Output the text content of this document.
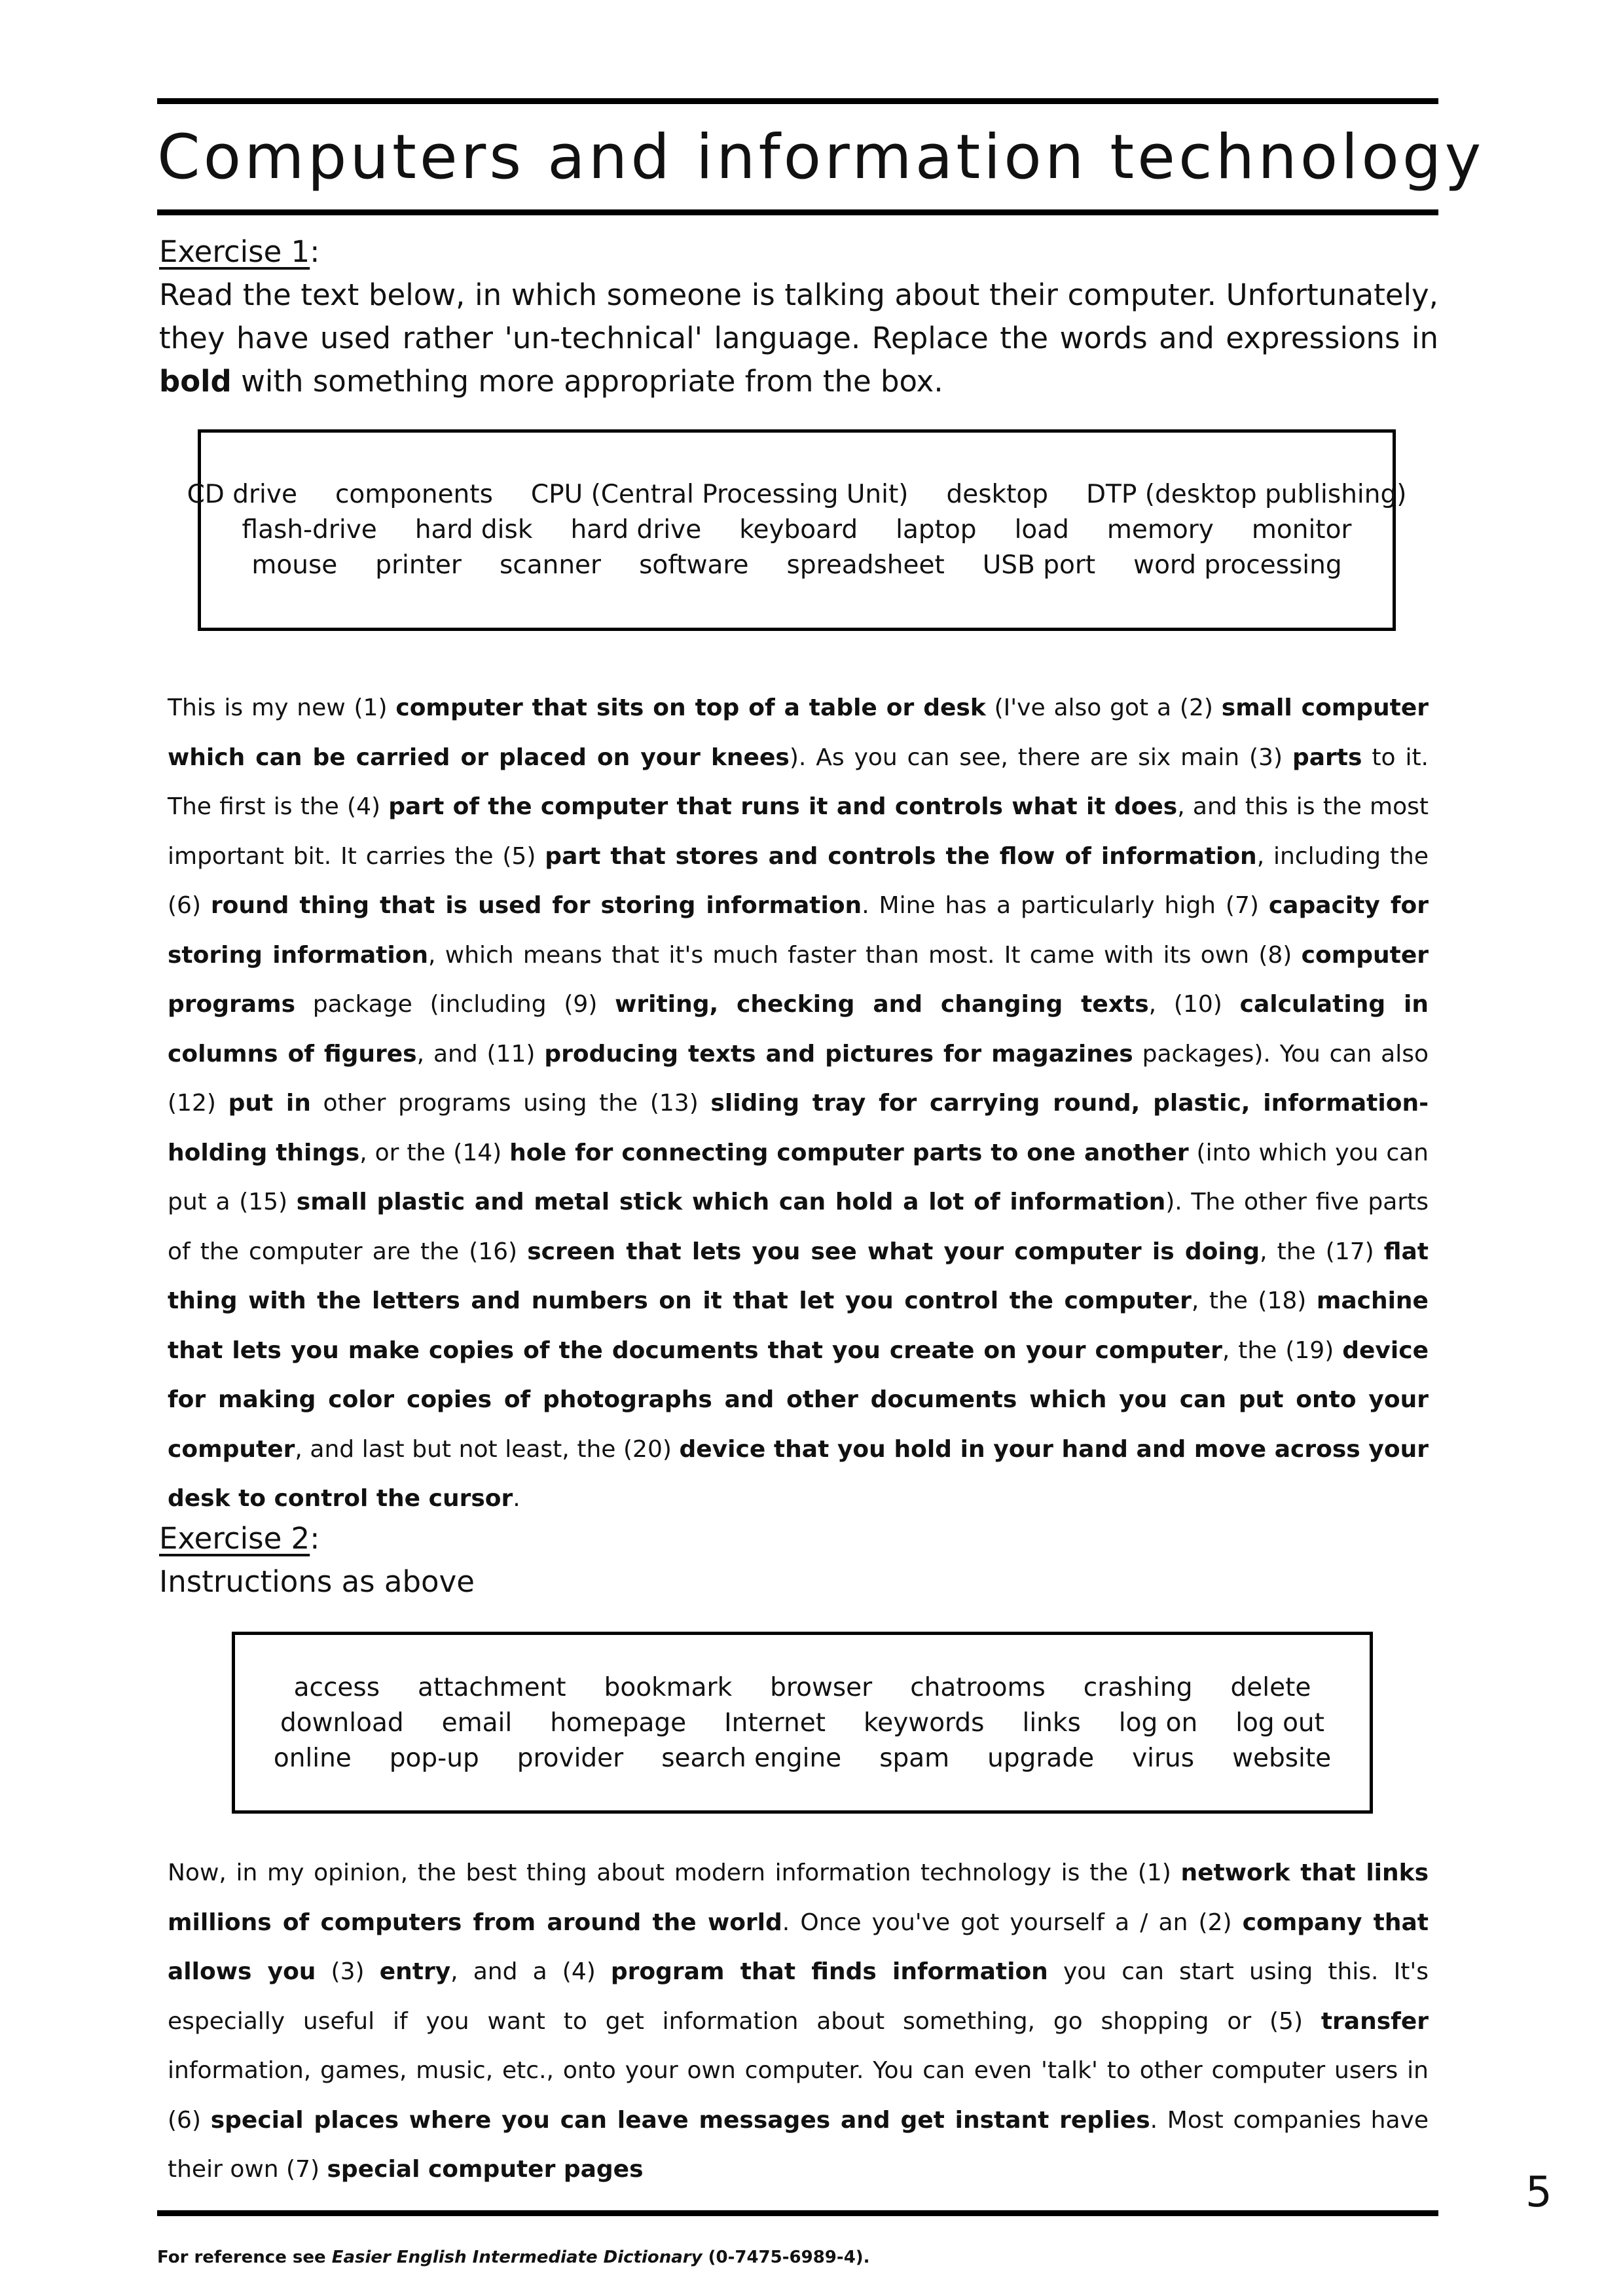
Computers and information technology
Exercise 1:
Read the text below, in which someone is talking about their computer. Unfortunately, they have used rather 'un-technical' language. Replace the words and expressions in bold with something more appropriate from the box.
CD drive components CPU (Central Processing Unit) desktop DTP (desktop publishing)
flash-drive hard disk hard drive keyboard laptop load memory monitor
mouse printer scanner software spreadsheet USB port word processing
This is my new (1) computer that sits on top of a table or desk (I've also got a (2) small computer which can be carried or placed on your knees). As you can see, there are six main (3) parts to it. The first is the (4) part of the computer that runs it and controls what it does, and this is the most important bit. It carries the (5) part that stores and controls the flow of information, including the (6) round thing that is used for storing information. Mine has a particularly high (7) capacity for storing information, which means that it's much faster than most. It came with its own (8) computer programs package (including (9) writing, checking and changing texts, (10) calculating in columns of figures, and (11) producing texts and pictures for magazines packages). You can also (12) put in other programs using the (13) sliding tray for carrying round, plastic, information-holding things, or the (14) hole for connecting computer parts to one another (into which you can put a (15) small plastic and metal stick which can hold a lot of information). The other five parts of the computer are the (16) screen that lets you see what your computer is doing, the (17) flat thing with the letters and numbers on it that let you control the computer, the (18) machine that lets you make copies of the documents that you create on your computer, the (19) device for making color copies of photographs and other documents which you can put onto your computer, and last but not least, the (20) device that you hold in your hand and move across your desk to control the cursor.
Exercise 2:
Instructions as above
access attachment bookmark browser chatrooms crashing delete
download email homepage Internet keywords links log on log out
online pop-up provider search engine spam upgrade virus website
Now, in my opinion, the best thing about modern information technology is the (1) network that links millions of computers from around the world. Once you've got yourself a / an (2) company that allows you (3) entry, and a (4) program that finds information you can start using this. It's especially useful if you want to get information about something, go shopping or (5) transfer information, games, music, etc., onto your own computer. You can even 'talk' to other computer users in (6) special places where you can leave messages and get instant replies. Most companies have their own (7) special computer pages	5
For reference see Easier English Intermediate Dictionary (0-7475-6989-4).
